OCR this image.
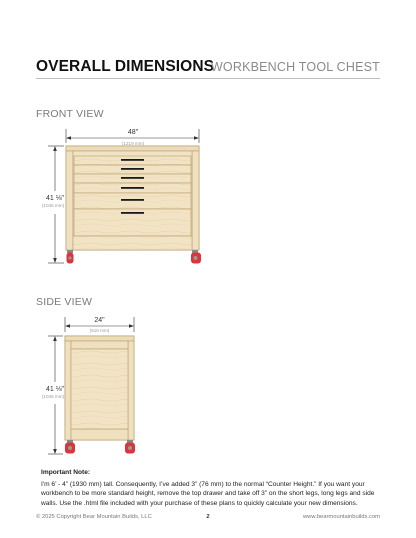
OVERALL DIMENSIONS
WORKBENCH TOOL CHEST
FRONT VIEW
48"
(1219 mm)
41 ⅛"
(1045 mm)
SIDE VIEW
24"
(610 mm)
41 ⅛"
(1045 mm)
Important Note:
I'm 6’ - 4” (1930 mm) tall. Consequently, I’ve added 3” (76 mm) to the normal “Counter Height.” If you want your workbench to be more standard height, remove the top drawer and take off 3” on the short legs, long legs and side walls. Use the .html file included with your purchase of these plans to quickly calculate your new dimensions.
© 2025 Copyright Bear Mountain Builds, LLC	2	www.bearmountainbuilds.com
